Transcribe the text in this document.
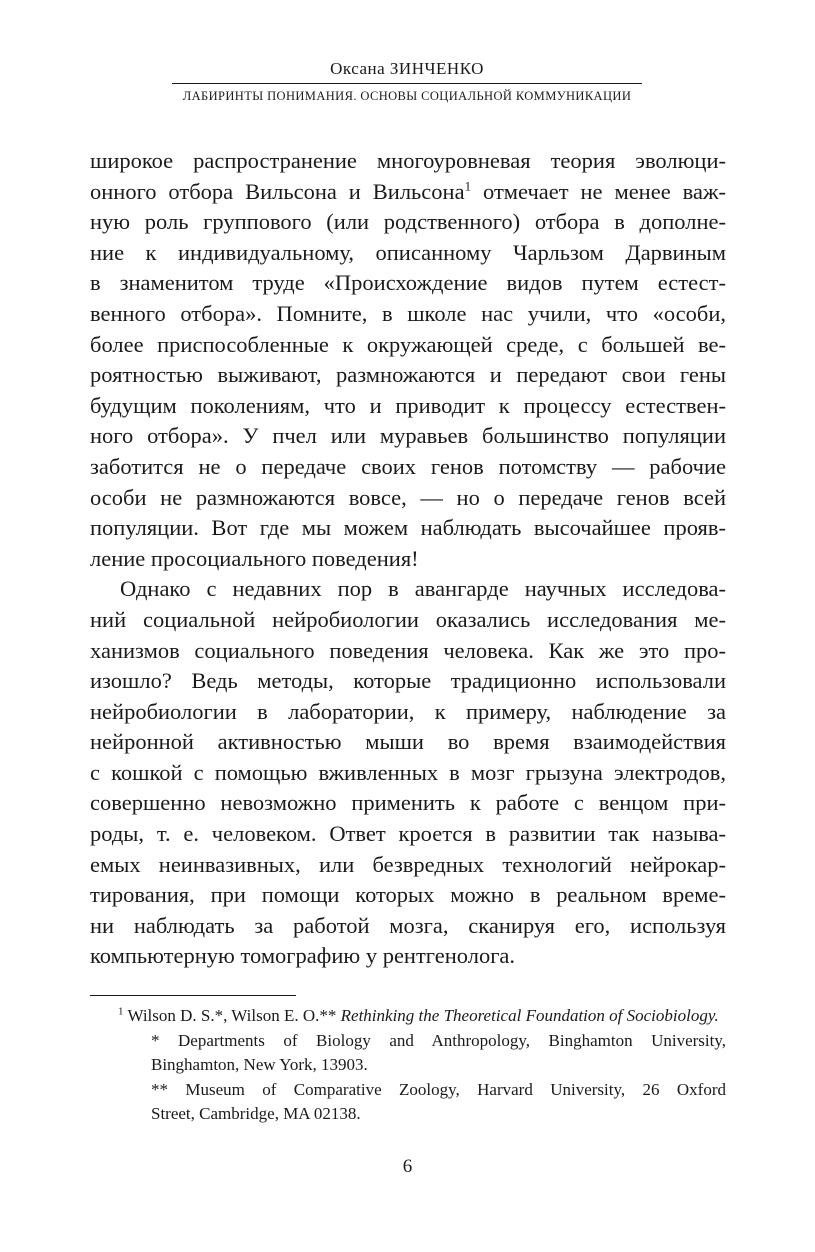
Оксана ЗИНЧЕНКО
ЛАБИРИНТЫ ПОНИМАНИЯ. ОСНОВЫ СОЦИАЛЬНОЙ КОММУНИКАЦИИ

широкое распространение многоуровневая теория эволюци-
онного отбора Вильсона и Вильсона$^1$ отмечает не менее важ-
ную роль группового (или родственного) отбора в дополне-
ние к индивидуальному, описанному Чарльзом Дарвиным
в знаменитом труде «Происхождение видов путем естест-
венного отбора». Помните, в школе нас учили, что «особи,
более приспособленные к окружающей среде, с большей ве-
роятностью выживают, размножаются и передают свои гены
будущим поколениям, что и приводит к процессу естествен-
ного отбора». У пчел или муравьев большинство популяции
заботится не о передаче своих генов потомству — рабочие
особи не размножаются вовсе, — но о передаче генов всей
популяции. Вот где мы можем наблюдать высочайшее прояв-
ление просоциального поведения!

Однако с недавних пор в авангарде научных исследова-
ний социальной нейробиологии оказались исследования ме-
ханизмов социального поведения человека. Как же это про-
изошло? Ведь методы, которые традиционно использовали
нейробиологии в лаборатории, к примеру, наблюдение за
нейронной активностью мыши во время взаимодействия
с кошкой с помощью вживленных в мозг грызуна электродов,
совершенно невозможно применить к работе с венцом при-
роды, т. е. человеком. Ответ кроется в развитии так называ-
емых неинвазивных, или безвредных технологий нейрокар-
тирования, при помощи которых можно в реальном време-
ни наблюдать за работой мозга, сканируя его, используя
компьютерную томографию у рентгенолога.

$^1$ Wilson D. S.*, Wilson E. O.** Rethinking the Theoretical Foundation of Sociobiology.
* Departments of Biology and Anthropology, Binghamton University,
Binghamton, New York, 13903.
** Museum of Comparative Zoology, Harvard University, 26 Oxford
Street, Cambridge, MA 02138.
6
